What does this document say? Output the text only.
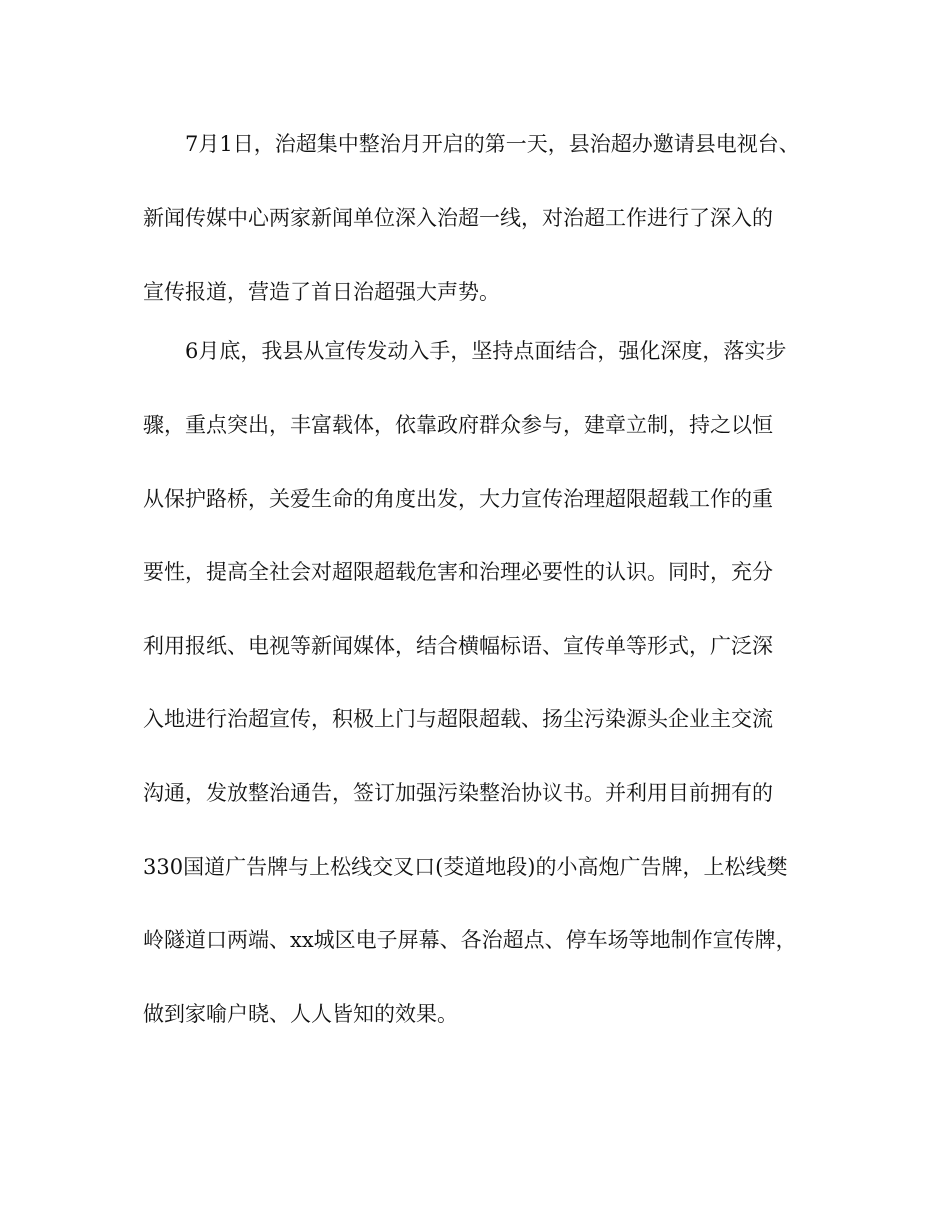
7月1日，治超集中整治月开启的第一天，县治超办邀请县电视台、
新闻传媒中心两家新闻单位深入治超一线，对治超工作进行了深入的
宣传报道，营造了首日治超强大声势。
6月底，我县从宣传发动入手，坚持点面结合，强化深度，落实步
骤，重点突出，丰富载体，依靠政府群众参与，建章立制，持之以恒
从保护路桥，关爱生命的角度出发，大力宣传治理超限超载工作的重
要性，提高全社会对超限超载危害和治理必要性的认识。同时，充分
利用报纸、电视等新闻媒体，结合横幅标语、宣传单等形式，广泛深
入地进行治超宣传，积极上门与超限超载、扬尘污染源头企业主交流
沟通，发放整治通告，签订加强污染整治协议书。并利用目前拥有的
330国道广告牌与上松线交叉口(茭道地段)的小高炮广告牌，上松线樊
岭隧道口两端、xx城区电子屏幕、各治超点、停车场等地制作宣传牌，
做到家喻户晓、人人皆知的效果。
